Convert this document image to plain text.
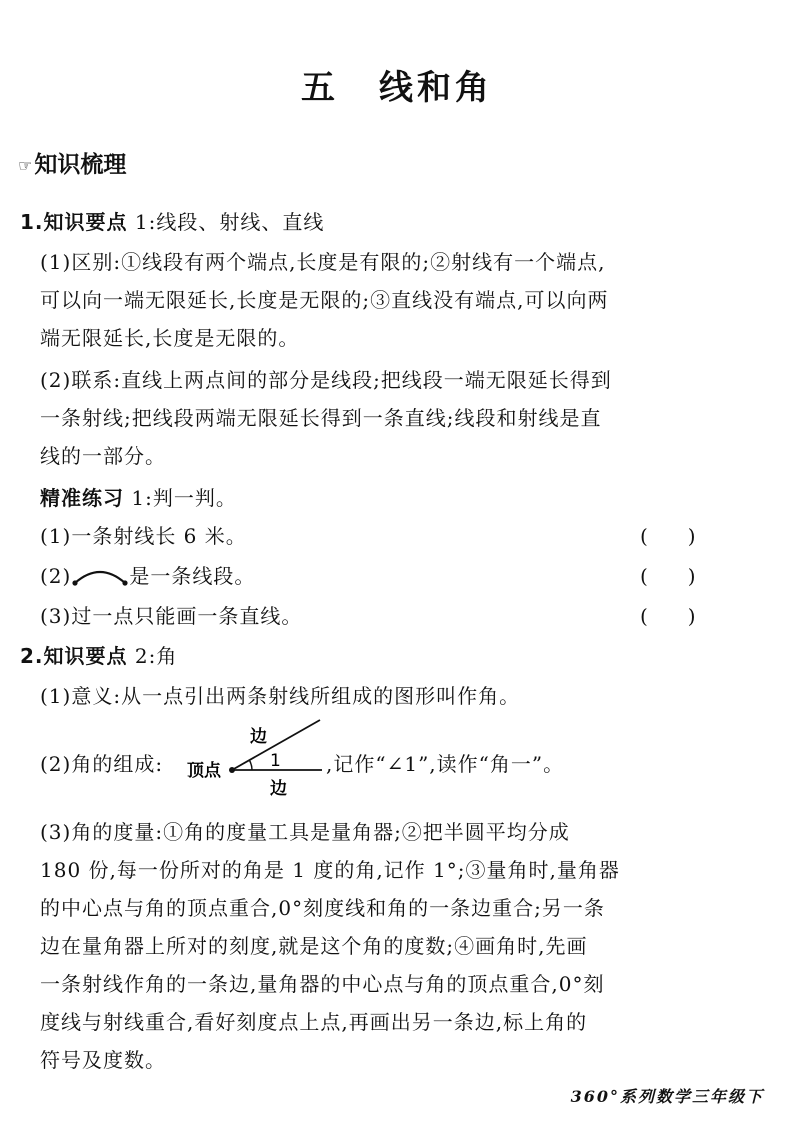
五 线和角
☞知识梳理
1.知识要点 1:线段、射线、直线
(1)区别:①线段有两个端点,长度是有限的;②射线有一个端点,
可以向一端无限延长,长度是无限的;③直线没有端点,可以向两
端无限延长,长度是无限的。
(2)联系:直线上两点间的部分是线段;把线段一端无限延长得到
一条射线;把线段两端无限延长得到一条直线;线段和射线是直
线的一部分。
精准练习 1:判一判。
(1)一条射线长 6 米。	(　　)
(2)	是一条线段。	(　　)
(3)过一点只能画一条直线。	(　　)
2.知识要点 2:角
(1)意义:从一点引出两条射线所组成的图形叫作角。
(2)角的组成:
边
顶点	1
边
,记作“∠1”,读作“角一”。
(3)角的度量:①角的度量工具是量角器;②把半圆平均分成
180 份,每一份所对的角是 1 度的角,记作 1°;③量角时,量角器
的中心点与角的顶点重合,0°刻度线和角的一条边重合;另一条
边在量角器上所对的刻度,就是这个角的度数;④画角时,先画
一条射线作角的一条边,量角器的中心点与角的顶点重合,0°刻
度线与射线重合,看好刻度点上点,再画出另一条边,标上角的
符号及度数。
360°系列数学三年级下
